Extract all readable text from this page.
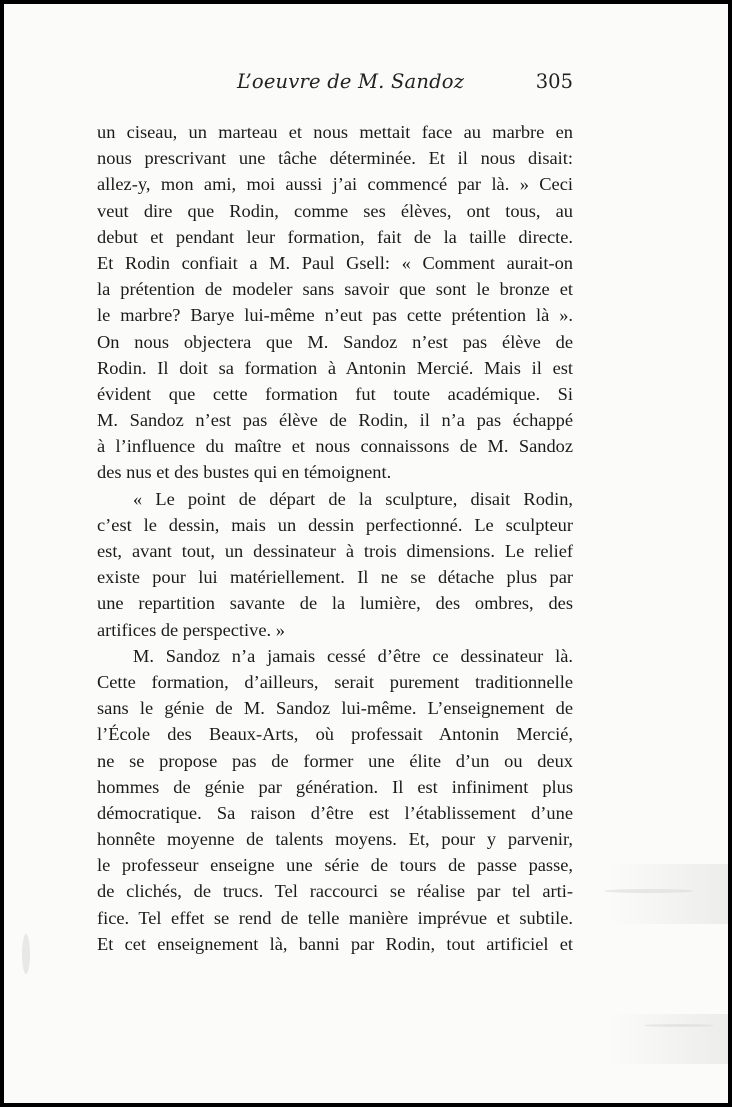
L’oeuvre de M. Sandoz	305
un ciseau, un marteau et nous mettait face au marbre en
nous prescrivant une tâche déterminée. Et il nous disait:
allez-y, mon ami, moi aussi j’ai commencé par là. » Ceci
veut dire que Rodin, comme ses élèves, ont tous, au
debut et pendant leur formation, fait de la taille directe.
Et Rodin confiait a M. Paul Gsell: « Comment aurait-on
la prétention de modeler sans savoir que sont le bronze et
le marbre? Barye lui-même n’eut pas cette prétention là ».
On nous objectera que M. Sandoz n’est pas élève de
Rodin. Il doit sa formation à Antonin Mercié. Mais il est
évident que cette formation fut toute académique. Si
M. Sandoz n’est pas élève de Rodin, il n’a pas échappé
à l’influence du maître et nous connaissons de M. Sandoz
des nus et des bustes qui en témoignent.
« Le point de départ de la sculpture, disait Rodin,
c’est le dessin, mais un dessin perfectionné. Le sculpteur
est, avant tout, un dessinateur à trois dimensions. Le relief
existe pour lui matériellement. Il ne se détache plus par
une repartition savante de la lumière, des ombres, des
artifices de perspective. »
M. Sandoz n’a jamais cessé d’être ce dessinateur là.
Cette formation, d’ailleurs, serait purement traditionnelle
sans le génie de M. Sandoz lui-même. L’enseignement de
l’École des Beaux-Arts, où professait Antonin Mercié,
ne se propose pas de former une élite d’un ou deux
hommes de génie par génération. Il est infiniment plus
démocratique. Sa raison d’être est l’établissement d’une
honnête moyenne de talents moyens. Et, pour y parvenir,
le professeur enseigne une série de tours de passe passe,
de clichés, de trucs. Tel raccourci se réalise par tel arti-
fice. Tel effet se rend de telle manière imprévue et subtile.
Et cet enseignement là, banni par Rodin, tout artificiel et
